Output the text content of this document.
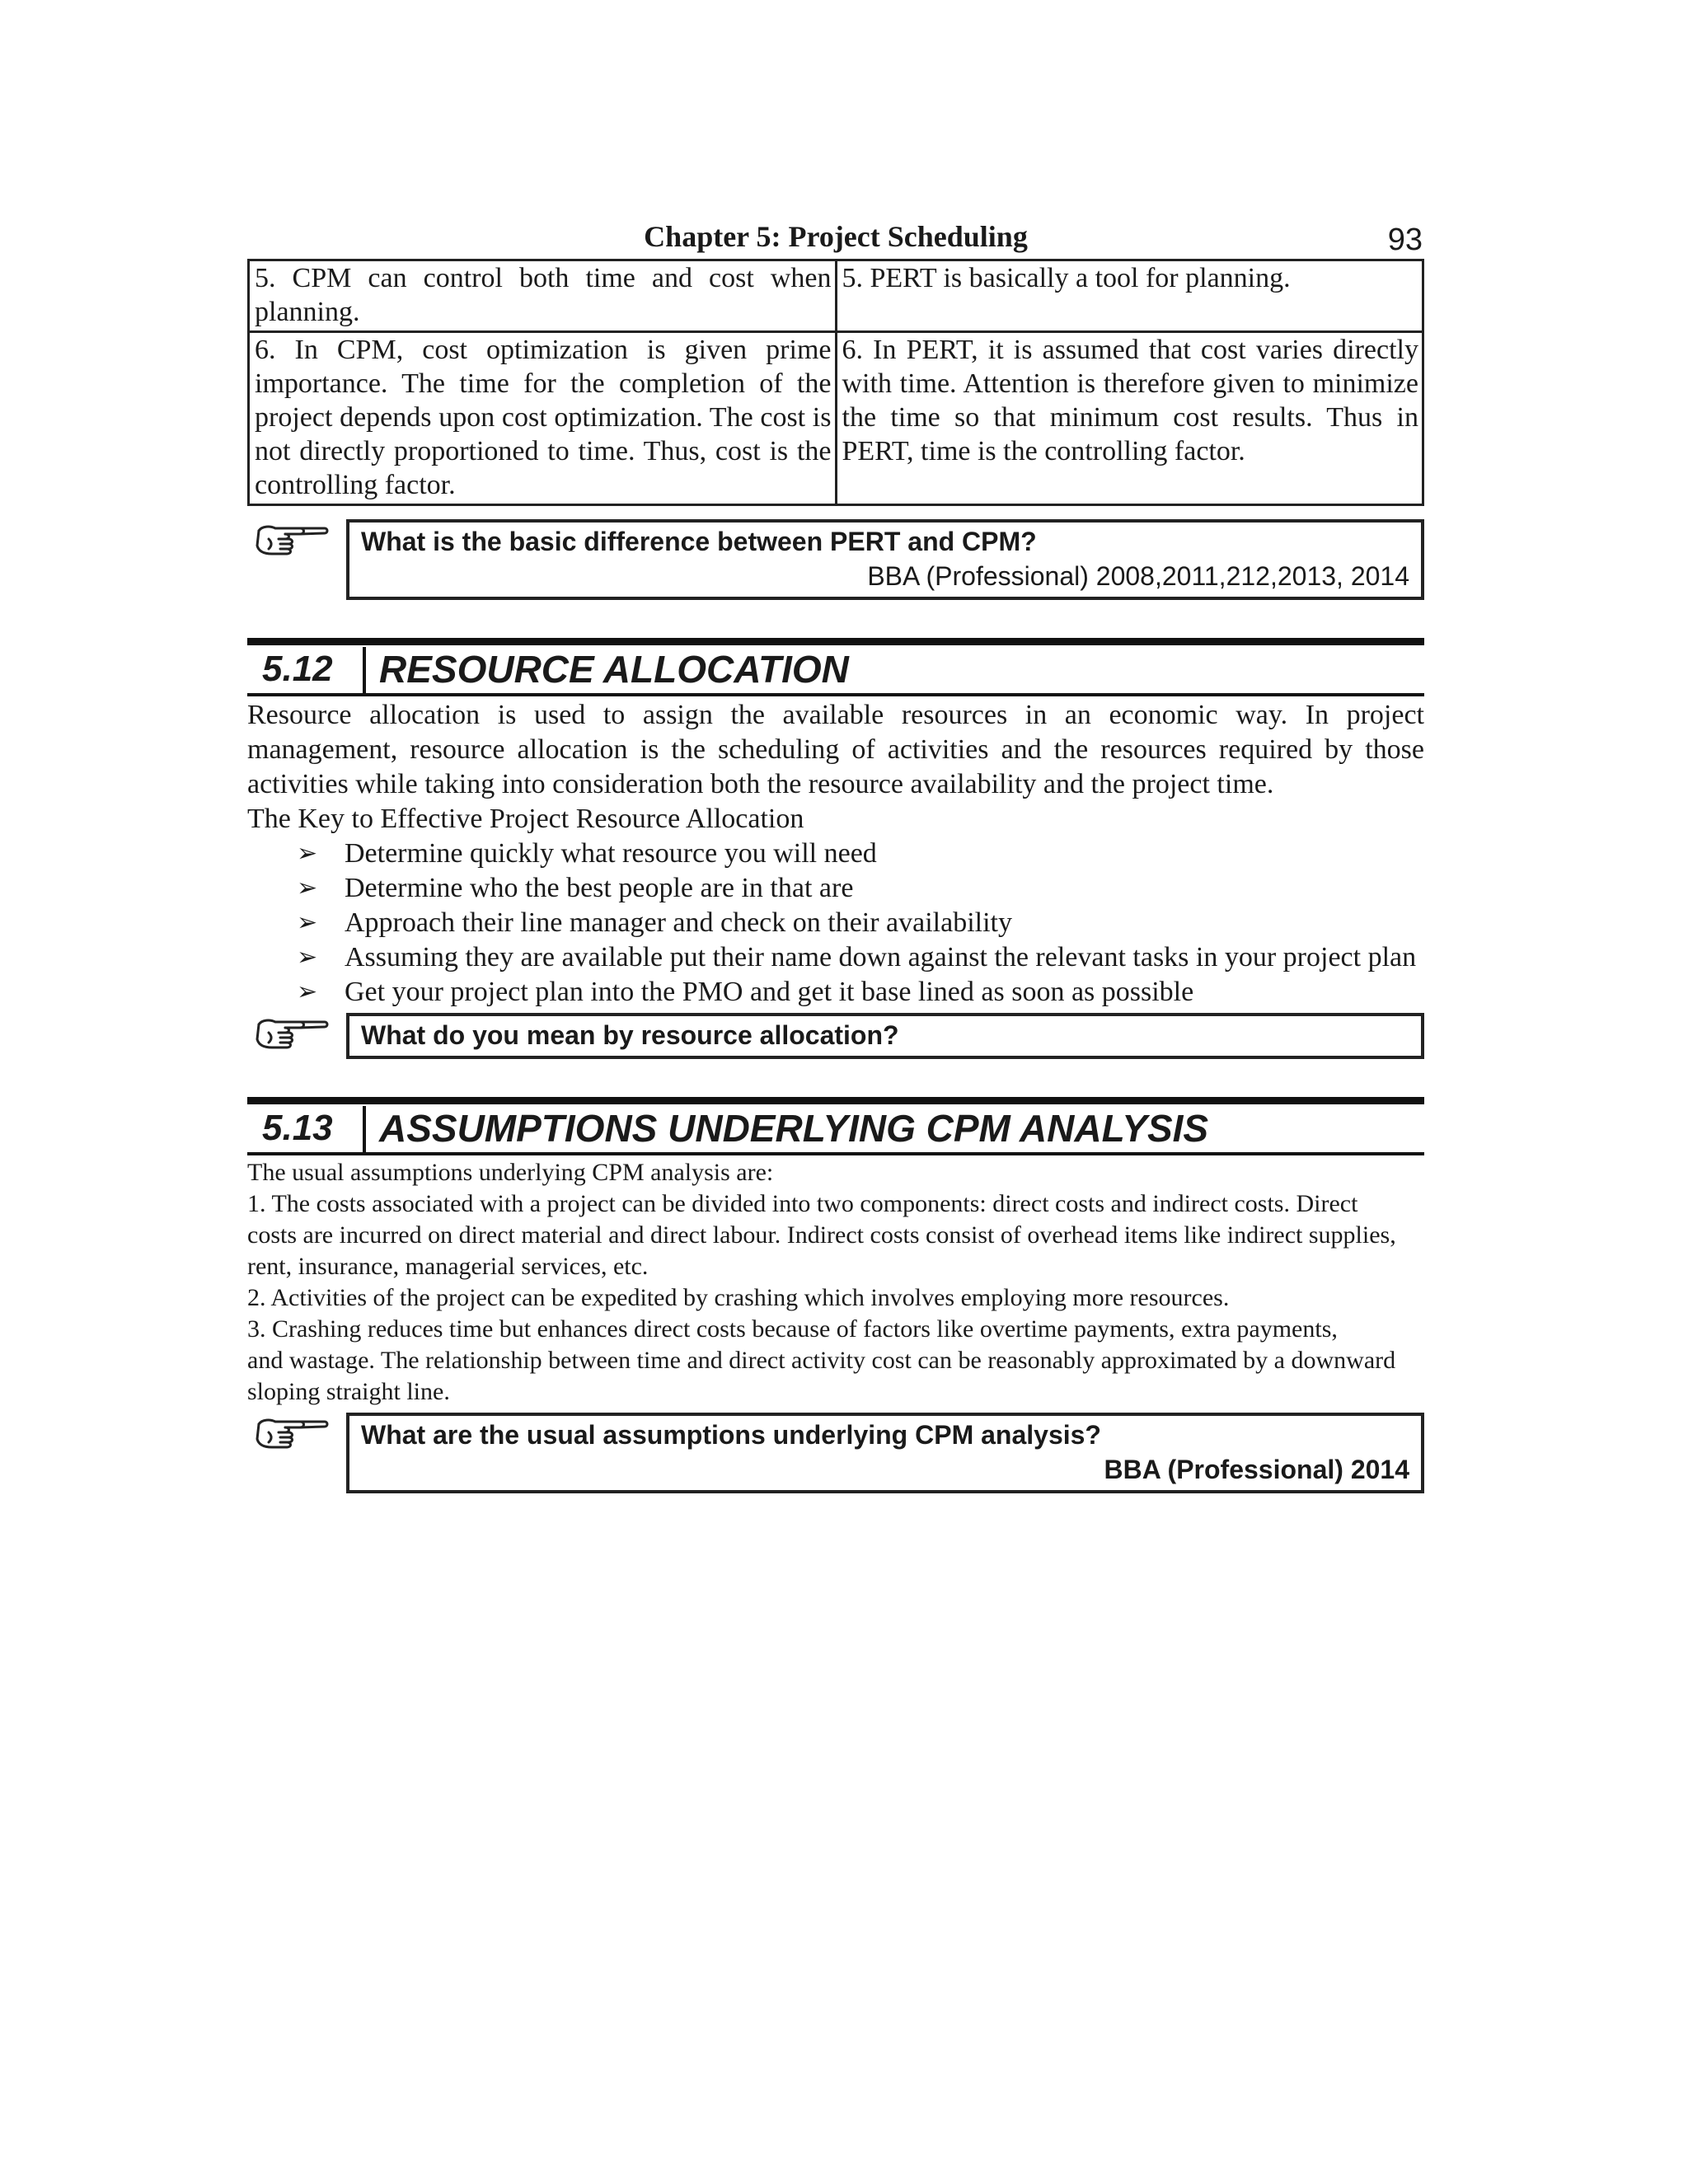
Chapter 5: Project Scheduling	93
5. CPM can control both time and cost when planning.	5. PERT is basically a tool for planning.
6. In CPM, cost optimization is given prime importance. The time for the completion of the project depends upon cost optimization. The cost is not directly proportioned to time. Thus, cost is the controlling factor.	6. In PERT, it is assumed that cost varies directly with time. Attention is therefore given to minimize the time so that minimum cost results. Thus in PERT, time is the controlling factor.
What is the basic difference between PERT and CPM?
BBA (Professional) 2008,2011,212,2013, 2014
5.12 RESOURCE ALLOCATION

Resource allocation is used to assign the available resources in an economic way. In project management, resource allocation is the scheduling of activities and the resources required by those activities while taking into consideration both the resource availability and the project time.

The Key to Effective Project Resource Allocation

➢ Determine quickly what resource you will need
➢ Determine who the best people are in that are
➢ Approach their line manager and check on their availability
➢ Assuming they are available put their name down against the relevant tasks in your project plan
➢ Get your project plan into the PMO and get it base lined as soon as possible
What do you mean by resource allocation?
5.13 ASSUMPTIONS UNDERLYING CPM ANALYSIS

The usual assumptions underlying CPM analysis are:

1. The costs associated with a project can be divided into two components: direct costs and indirect costs. Direct

costs are incurred on direct material and direct labour. Indirect costs consist of overhead items like indirect supplies, rent, insurance, managerial services, etc.

2. Activities of the project can be expedited by crashing which involves employing more resources.

3. Crashing reduces time but enhances direct costs because of factors like overtime payments, extra payments,

and wastage. The relationship between time and direct activity cost can be reasonably approximated by a downward sloping straight line.

What are the usual assumptions underlying CPM analysis?
BBA (Professional) 2014
